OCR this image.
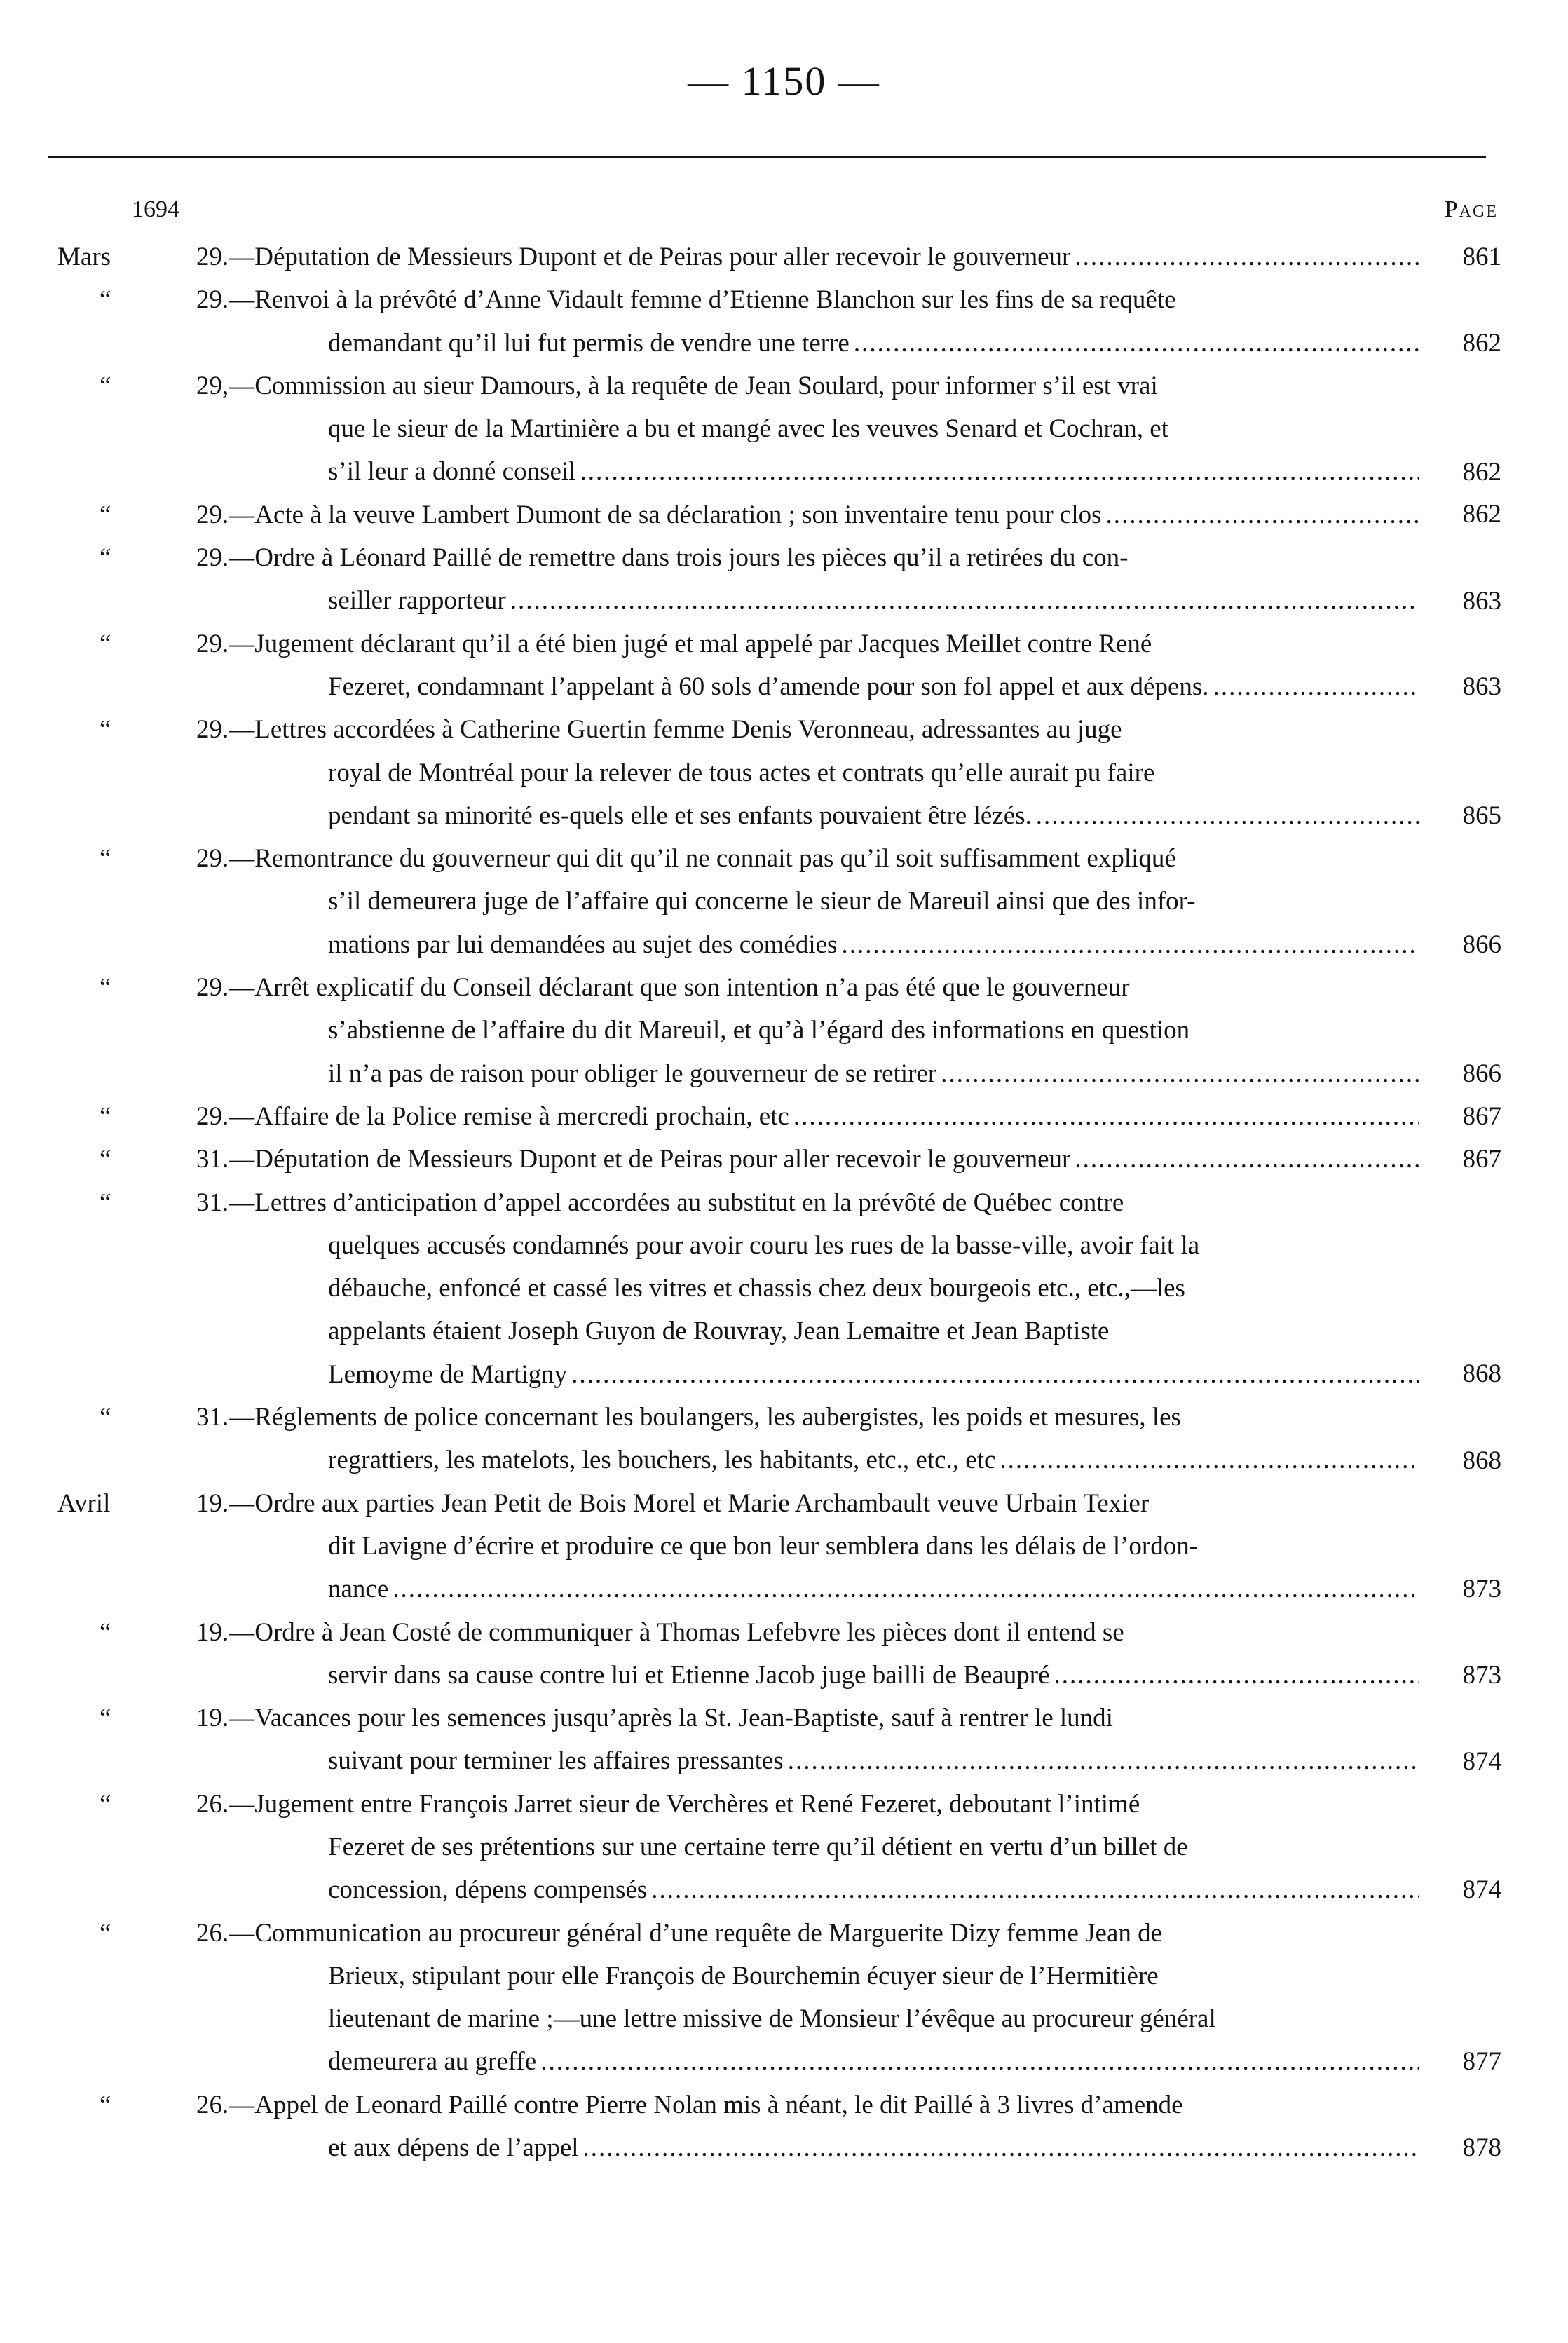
— 1150 —
1694	Page
Mars	29.—Députation de Messieurs Dupont et de Peiras pour aller recevoir le gouverneur .....	861
“	29.—Renvoi à la prévôté d’Anne Vidault femme d’Etienne Blanchon sur les fins de sa requête
demandant qu’il lui fut permis de vendre une terre .....	862
“	29,—Commission au sieur Damours, à la requête de Jean Soulard, pour informer s’il est vrai
que le sieur de la Martinière a bu et mangé avec les veuves Senard et Cochran, et
s’il leur a donné conseil .....	862
“	29.—Acte à la veuve Lambert Dumont de sa déclaration ; son inventaire tenu pour clos .....	862
“	29.—Ordre à Léonard Paillé de remettre dans trois jours les pièces qu’il a retirées du con-
seiller rapporteur .....	863
“	29.—Jugement déclarant qu’il a été bien jugé et mal appelé par Jacques Meillet contre René
Fezeret, condamnant l’appelant à 60 sols d’amende pour son fol appel et aux dépens. .....	863
“	29.—Lettres accordées à Catherine Guertin femme Denis Veronneau, adressantes au juge
royal de Montréal pour la relever de tous actes et contrats qu’elle aurait pu faire
pendant sa minorité es-quels elle et ses enfants pouvaient être lézés. .....	865
“	29.—Remontrance du gouverneur qui dit qu’il ne connait pas qu’il soit suffisamment expliqué
s’il demeurera juge de l’affaire qui concerne le sieur de Mareuil ainsi que des infor-
mations par lui demandées au sujet des comédies .....	866
“	29.—Arrêt explicatif du Conseil déclarant que son intention n’a pas été que le gouverneur
s’abstienne de l’affaire du dit Mareuil, et qu’à l’égard des informations en question
il n’a pas de raison pour obliger le gouverneur de se retirer .....	866
“	29.—Affaire de la Police remise à mercredi prochain, etc .....	867
“	31.—Députation de Messieurs Dupont et de Peiras pour aller recevoir le gouverneur .....	867
“	31.—Lettres d’anticipation d’appel accordées au substitut en la prévôté de Québec contre
quelques accusés condamnés pour avoir couru les rues de la basse-ville, avoir fait la
débauche, enfoncé et cassé les vitres et chassis chez deux bourgeois etc., etc.,—les
appelants étaient Joseph Guyon de Rouvray, Jean Lemaitre et Jean Baptiste
Lemoyme de Martigny .....	868
“	31.—Réglements de police concernant les boulangers, les aubergistes, les poids et mesures, les
regrattiers, les matelots, les bouchers, les habitants, etc., etc., etc .....	868
Avril	19.—Ordre aux parties Jean Petit de Bois Morel et Marie Archambault veuve Urbain Texier
dit Lavigne d’écrire et produire ce que bon leur semblera dans les délais de l’ordon-
nance .....	873
“	19.—Ordre à Jean Costé de communiquer à Thomas Lefebvre les pièces dont il entend se
servir dans sa cause contre lui et Etienne Jacob juge bailli de Beaupré .....	873
“	19.—Vacances pour les semences jusqu’après la St. Jean-Baptiste, sauf à rentrer le lundi
suivant pour terminer les affaires pressantes .....	874
“	26.—Jugement entre François Jarret sieur de Verchères et René Fezeret, deboutant l’intimé
Fezeret de ses prétentions sur une certaine terre qu’il détient en vertu d’un billet de
concession, dépens compensés .....	874
“	26.—Communication au procureur général d’une requête de Marguerite Dizy femme Jean de
Brieux, stipulant pour elle François de Bourchemin écuyer sieur de l’Hermitière
lieutenant de marine ;—une lettre missive de Monsieur l’évêque au procureur général
demeurera au greffe .....	877
“	26.—Appel de Leonard Paillé contre Pierre Nolan mis à néant, le dit Paillé à 3 livres d’amende
et aux dépens de l’appel .....	878
